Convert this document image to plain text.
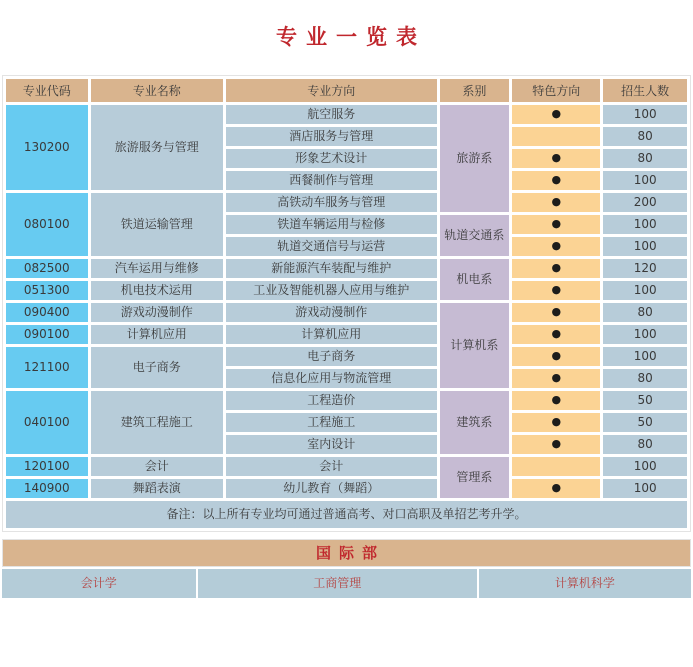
专业一览表
专业代码	专业名称	专业方向	系别	特色方向	招生人数
130200	旅游服务与管理	航空服务	旅游系	●	100
		酒店服务与管理			80
		形象艺术设计		●	80
		西餐制作与管理		●	100
080100	铁道运输管理	高铁动车服务与管理		●	200
		铁道车辆运用与检修	轨道交通系	●	100
		轨道交通信号与运营		●	100
082500	汽车运用与维修	新能源汽车装配与维护	机电系	●	120
051300	机电技术运用	工业及智能机器人应用与维护		●	100
090400	游戏动漫制作	游戏动漫制作	计算机系	●	80
090100	计算机应用	计算机应用		●	100
121100	电子商务	电子商务		●	100
		信息化应用与物流管理		●	80
040100	建筑工程施工	工程造价	建筑系	●	50
		工程施工		●	50
		室内设计		●	80
120100	会计	会计	管理系		100
140900	舞蹈表演	幼儿教育（舞蹈）		●	100
备注：以上所有专业均可通过普通高考、对口高职及单招艺考升学。					
国际部
会计学	工商管理	计算机科学
